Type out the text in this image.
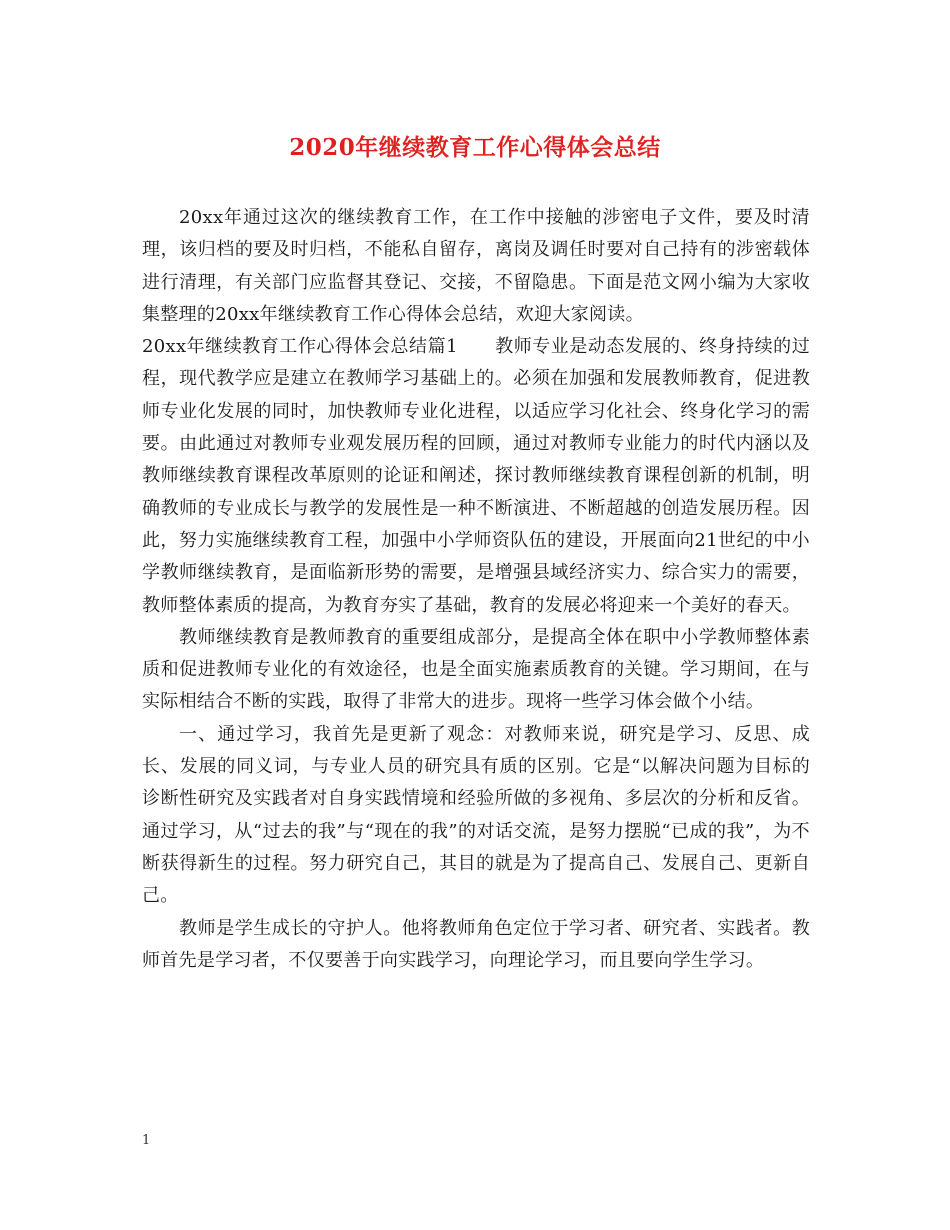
2020年继续教育工作心得体会总结

20xx年通过这次的继续教育工作，在工作中接触的涉密电子文件，要及时清理，该归档的要及时归档，不能私自留存，离岗及调任时要对自己持有的涉密载体进行清理，有关部门应监督其登记、交接，不留隐患。下面是范文网小编为大家收集整理的20xx年继续教育工作心得体会总结，欢迎大家阅读。

20xx年继续教育工作心得体会总结篇1　　教师专业是动态发展的、终身持续的过程，现代教学应是建立在教师学习基础上的。必须在加强和发展教师教育，促进教师专业化发展的同时，加快教师专业化进程，以适应学习化社会、终身化学习的需要。由此通过对教师专业观发展历程的回顾，通过对教师专业能力的时代内涵以及教师继续教育课程改革原则的论证和阐述，探讨教师继续教育课程创新的机制，明确教师的专业成长与教学的发展性是一种不断演进、不断超越的创造发展历程。因此，努力实施继续教育工程，加强中小学师资队伍的建设，开展面向21世纪的中小学教师继续教育，是面临新形势的需要，是增强县域经济实力、综合实力的需要，教师整体素质的提高，为教育夯实了基础，教育的发展必将迎来一个美好的春天。

教师继续教育是教师教育的重要组成部分，是提高全体在职中小学教师整体素质和促进教师专业化的有效途径，也是全面实施素质教育的关键。学习期间，在与实际相结合不断的实践，取得了非常大的进步。现将一些学习体会做个小结。

一、通过学习，我首先是更新了观念：对教师来说，研究是学习、反思、成长、发展的同义词，与专业人员的研究具有质的区别。它是“以解决问题为目标的诊断性研究及实践者对自身实践情境和经验所做的多视角、多层次的分析和反省。通过学习，从“过去的我”与“现在的我”的对话交流，是努力摆脱“已成的我”，为不断获得新生的过程。努力研究自己，其目的就是为了提高自己、发展自己、更新自己。

教师是学生成长的守护人。他将教师角色定位于学习者、研究者、实践者。教师首先是学习者，不仅要善于向实践学习，向理论学习，而且要向学生学习。

1
